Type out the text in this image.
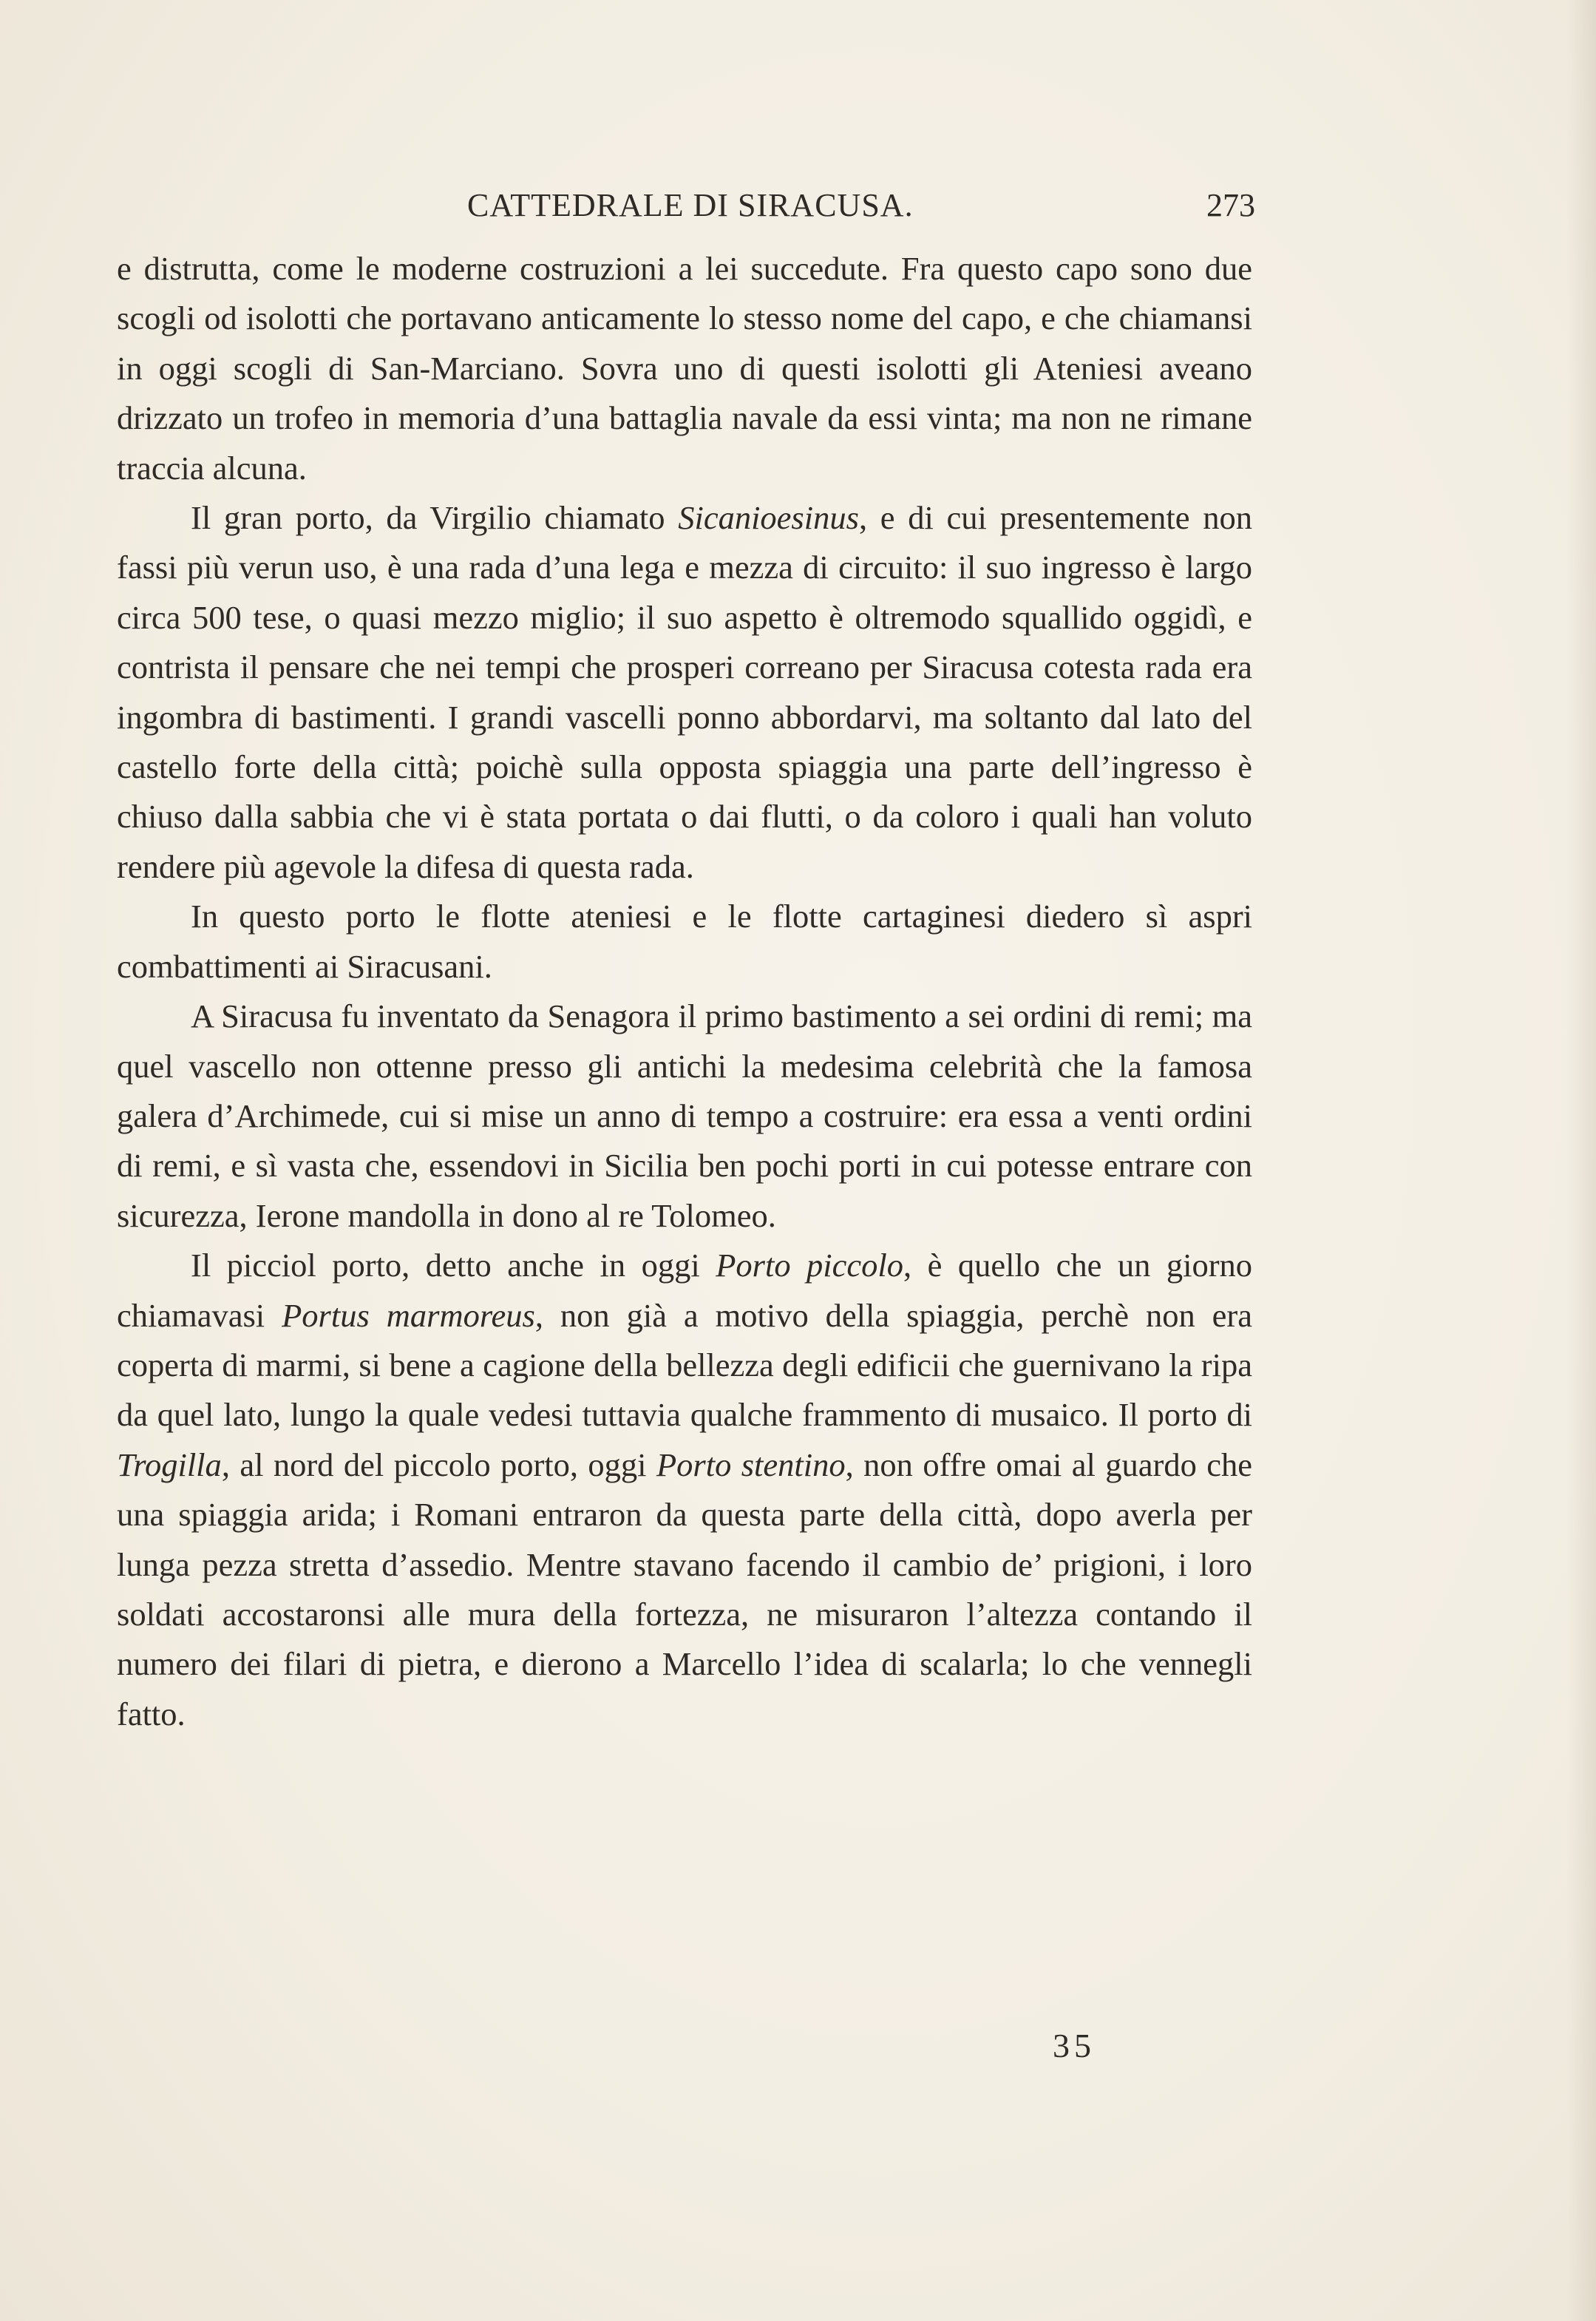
CATTEDRALE DI SIRACUSA.	273

e distrutta, come le moderne costruzioni a lei succedute. Fra questo capo sono due scogli od isolotti che portavano anticamente lo stesso nome del capo, e che chiamansi in oggi scogli di San-Marciano. Sovra uno di questi isolotti gli Ateniesi aveano drizzato un trofeo in memoria d’una battaglia navale da essi vinta; ma non ne rimane traccia alcuna.

Il gran porto, da Virgilio chiamato Sicanioesinus, e di cui presentemente non fassi più verun uso, è una rada d’una lega e mezza di circuito: il suo ingresso è largo circa 500 tese, o quasi mezzo miglio; il suo aspetto è oltremodo squallido oggidì, e contrista il pensare che nei tempi che prosperi correano per Siracusa cotesta rada era ingombra di bastimenti. I grandi vascelli ponno abbordarvi, ma soltanto dal lato del castello forte della città; poichè sulla opposta spiaggia una parte dell’ingresso è chiuso dalla sabbia che vi è stata portata o dai flutti, o da coloro i quali han voluto rendere più agevole la difesa di questa rada.

In questo porto le flotte ateniesi e le flotte cartaginesi diedero sì aspri combattimenti ai Siracusani.

A Siracusa fu inventato da Senagora il primo bastimento a sei ordini di remi; ma quel vascello non ottenne presso gli antichi la medesima celebrità che la famosa galera d’Archimede, cui si mise un anno di tempo a costruire: era essa a venti ordini di remi, e sì vasta che, essendovi in Sicilia ben pochi porti in cui potesse entrare con sicurezza, Ierone mandolla in dono al re Tolomeo.

Il picciol porto, detto anche in oggi Porto piccolo, è quello che un giorno chiamavasi Portus marmoreus, non già a motivo della spiaggia, perchè non era coperta di marmi, si bene a cagione della bellezza degli edificii che guernivano la ripa da quel lato, lungo la quale vedesi tuttavia qualche frammento di musaico. Il porto di Trogilla, al nord del piccolo porto, oggi Porto stentino, non offre omai al guardo che una spiaggia arida; i Romani entraron da questa parte della città, dopo averla per lunga pezza stretta d’assedio. Mentre stavano facendo il cambio de’ prigioni, i loro soldati accostaronsi alle mura della fortezza, ne misuraron l’altezza contando il numero dei filari di pietra, e dierono a Marcello l’idea di scalarla; lo che vennegli fatto.

35
